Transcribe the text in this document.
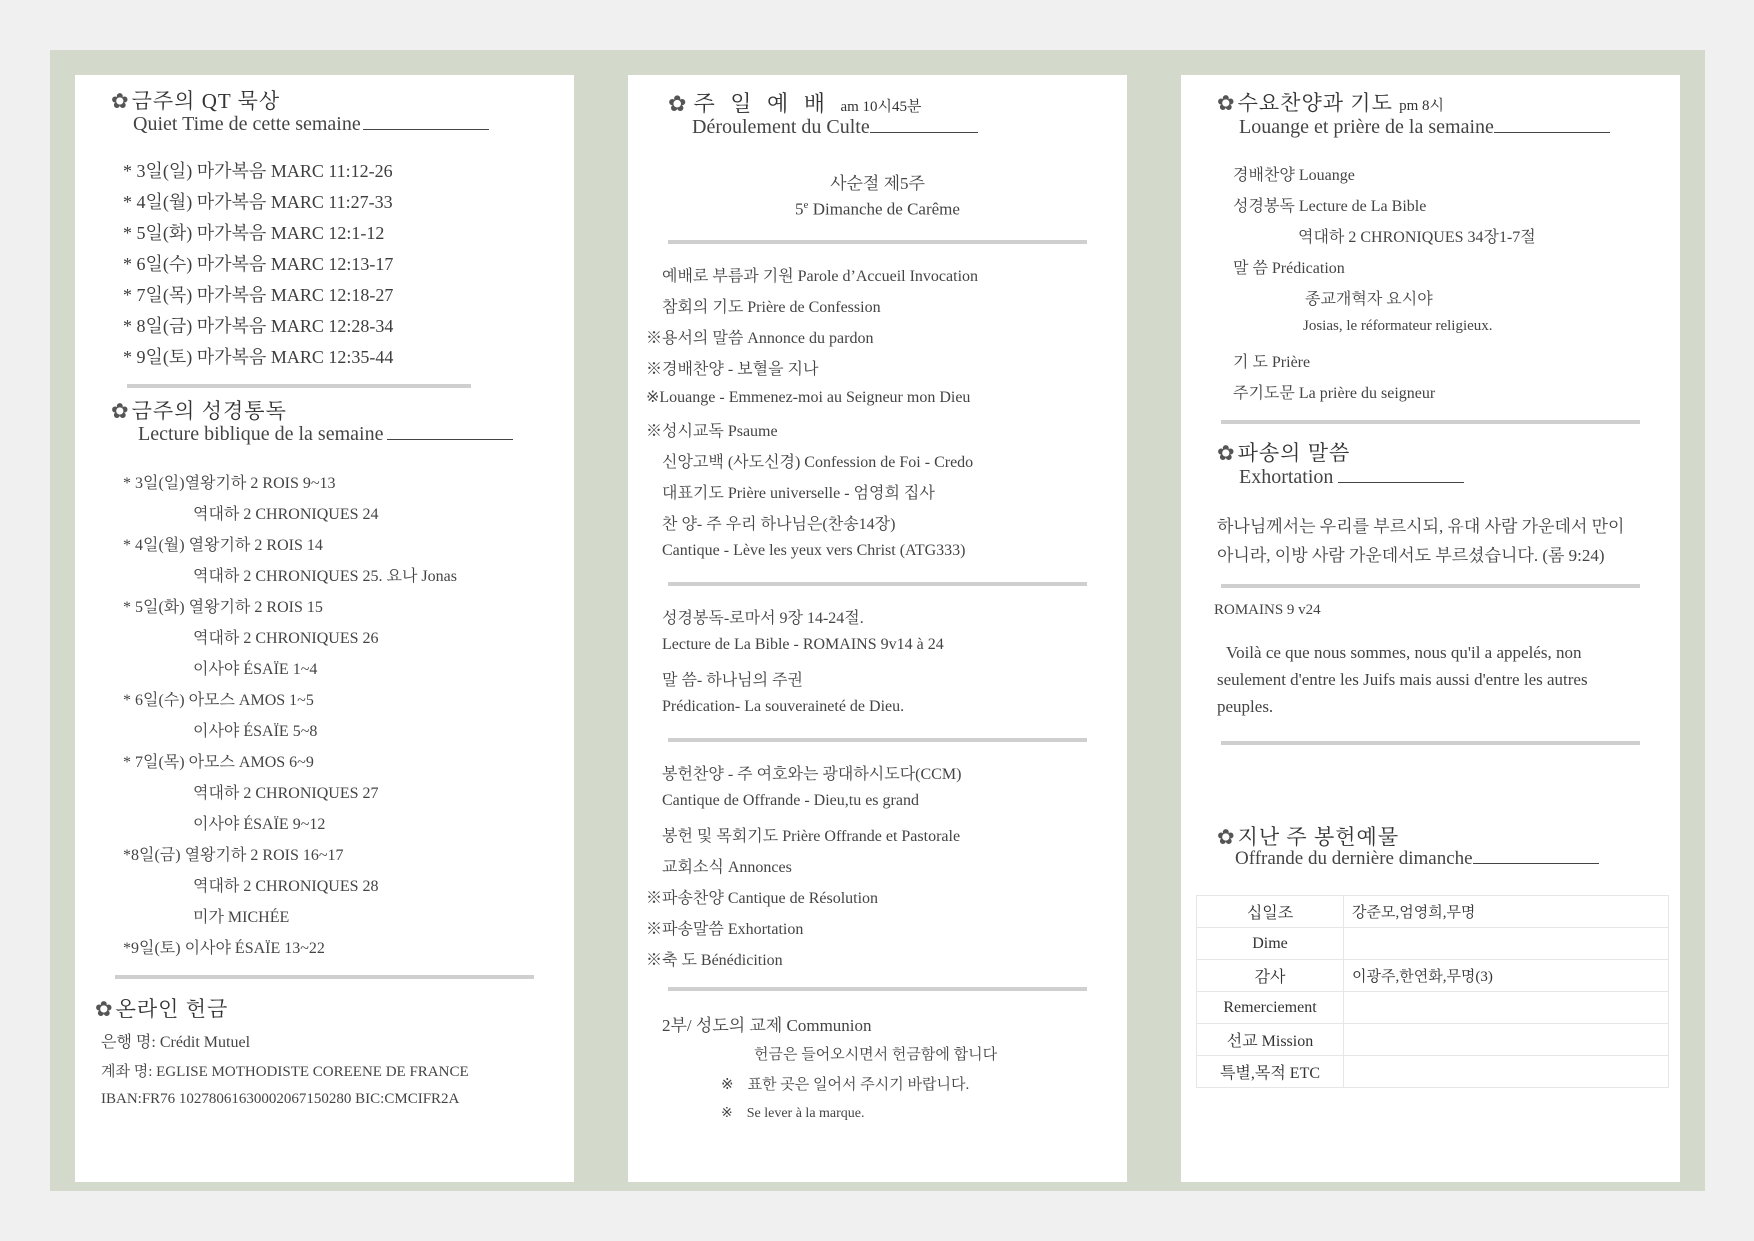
✿금주의 QT 묵상
Quiet Time de cette semaine
* 3일(일) 마가복음 MARC 11:12-26
* 4일(월) 마가복음 MARC 11:27-33
* 5일(화) 마가복음 MARC 12:1-12
* 6일(수) 마가복음 MARC 12:13-17
* 7일(목) 마가복음 MARC 12:18-27
* 8일(금) 마가복음 MARC 12:28-34
* 9일(토) 마가복음 MARC 12:35-44
✿금주의 성경통독
Lecture biblique de la semaine
* 3일(일)열왕기하 2 ROIS 9~13
역대하 2 CHRONIQUES 24
* 4일(월) 열왕기하 2 ROIS 14
역대하 2 CHRONIQUES 25. 요나 Jonas
* 5일(화) 열왕기하 2 ROIS 15
역대하 2 CHRONIQUES 26
이사야 ÉSAÏE 1~4
* 6일(수) 아모스 AMOS 1~5
이사야 ÉSAÏE 5~8
* 7일(목) 아모스 AMOS 6~9
역대하 2 CHRONIQUES 27
이사야 ÉSAÏE 9~12
*8일(금) 열왕기하 2 ROIS 16~17
역대하 2 CHRONIQUES 28
미가 MICHÉE
*9일(토) 이사야 ÉSAÏE 13~22
✿온라인 헌금
은행 명: Crédit Mutuel
계좌 명: EGLISE MOTHODISTE COREENE DE FRANCE
IBAN:FR76 10278061630002067150280 BIC:CMCIFR2A
✿주 일 예 배 am 10시45분
Déroulement du Culte
사순절 제5주
5e Dimanche de Carême
예배로 부름과 기원 Parole d’Accueil Invocation
참회의 기도 Prière de Confession
※용서의 말씀 Annonce du pardon
※경배찬양 - 보혈을 지나
※Louange - Emmenez-moi au Seigneur mon Dieu
※성시교독 Psaume
신앙고백 (사도신경) Confession de Foi - Credo
대표기도 Prière universelle - 엄영희 집사
찬 양- 주 우리 하나님은(찬송14장)
Cantique - Lève les yeux vers Christ (ATG333)
성경봉독-로마서 9장 14-24절.
Lecture de La Bible - ROMAINS 9v14 à 24
말 씀- 하나님의 주권
Prédication- La souveraineté de Dieu.
봉헌찬양 - 주 여호와는 광대하시도다(CCM)
Cantique de Offrande - Dieu,tu es grand
봉헌 및 목회기도 Prière Offrande et Pastorale
교회소식 Annonces
※파송찬양 Cantique de Résolution
※파송말씀 Exhortation
※축 도 Bénédicition
2부/ 성도의 교제 Communion
헌금은 들어오시면서 헌금함에 합니다
※ 표한 곳은 일어서 주시기 바랍니다.
※ Se lever à la marque.
✿수요찬양과 기도 pm 8시
Louange et prière de la semaine
경배찬양 Louange
성경봉독 Lecture de La Bible
역대하 2 CHRONIQUES 34장1-7절
말 씀 Prédication
종교개혁자 요시야
Josias, le réformateur religieux.
기 도 Prière
주기도문 La prière du seigneur
✿파송의 말씀
Exhortation
하나님께서는 우리를 부르시되, 유대 사람 가운데서 만이
아니라, 이방 사람 가운데서도 부르셨습니다. (롬 9:24)
ROMAINS 9 v24
Voilà ce que nous sommes, nous qu'il a appelés, non
seulement d'entre les Juifs mais aussi d'entre les autres
peuples.
✿지난 주 봉헌예물
Offrande du dernière dimanche
십일조	강준모,엄영희,무명
Dime	
감사	이광주,한연화,무명(3)
Remerciement	
선교 Mission	
특별,목적 ETC	
